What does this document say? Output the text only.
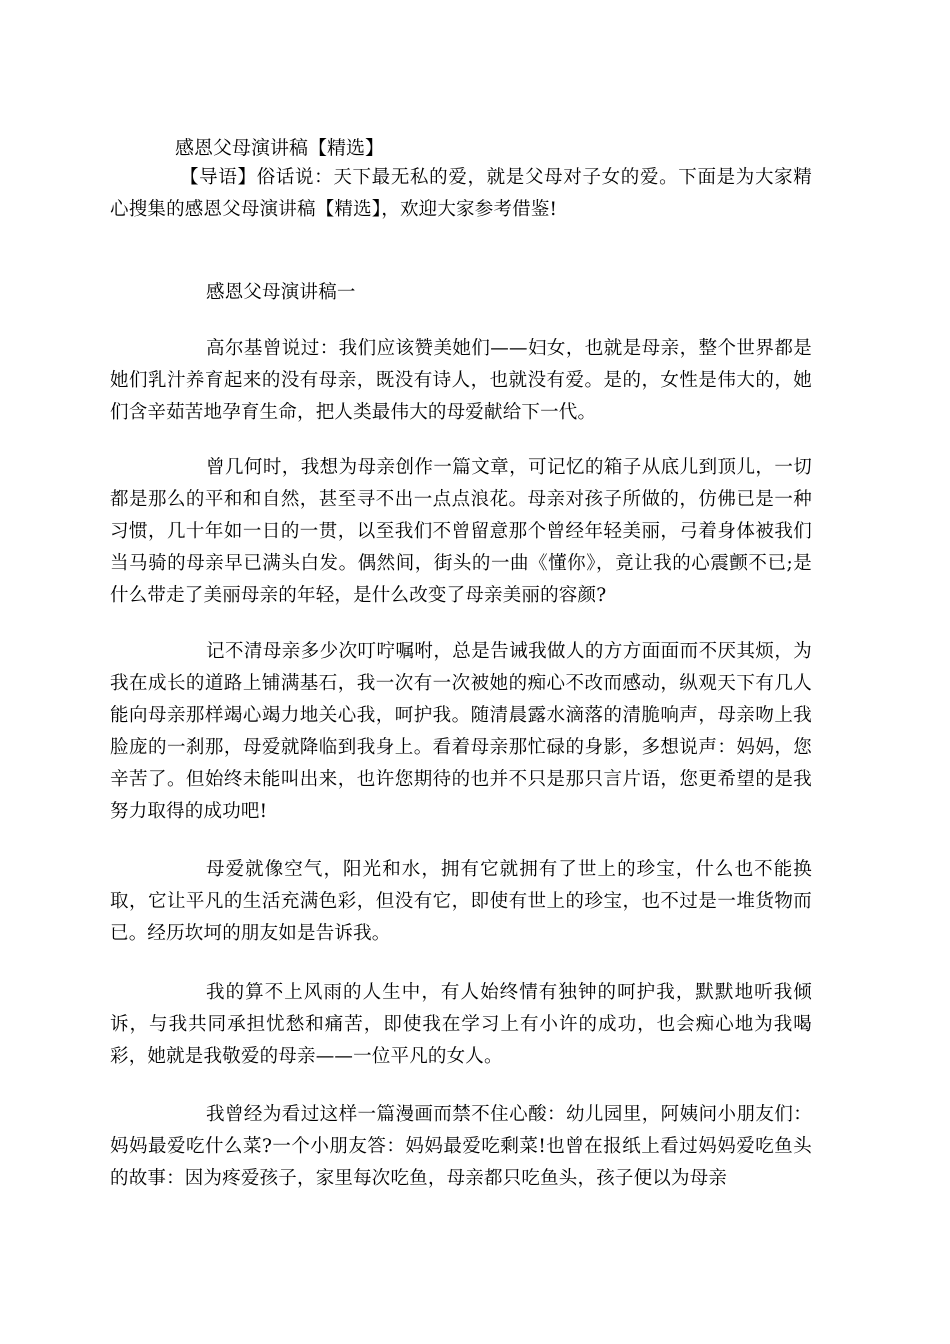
感恩父母演讲稿【精选】

【导语】俗话说：天下最无私的爱，就是父母对子女的爱。下面是为大家精心搜集的感恩父母演讲稿【精选】，欢迎大家参考借鉴!

感恩父母演讲稿一

高尔基曾说过：我们应该赞美她们——妇女，也就是母亲，整个世界都是她们乳汁养育起来的没有母亲，既没有诗人，也就没有爱。是的，女性是伟大的，她们含辛茹苦地孕育生命，把人类最伟大的母爱献给下一代。

曾几何时，我想为母亲创作一篇文章，可记忆的箱子从底儿到顶儿，一切都是那么的平和和自然，甚至寻不出一点点浪花。母亲对孩子所做的，仿佛已是一种习惯，几十年如一日的一贯，以至我们不曾留意那个曾经年轻美丽，弓着身体被我们当马骑的母亲早已满头白发。偶然间，街头的一曲《懂你》，竟让我的心震颤不已;是什么带走了美丽母亲的年轻，是什么改变了母亲美丽的容颜?

记不清母亲多少次叮咛嘱咐，总是告诫我做人的方方面面而不厌其烦，为我在成长的道路上铺满基石，我一次有一次被她的痴心不改而感动，纵观天下有几人能向母亲那样竭心竭力地关心我，呵护我。随清晨露水滴落的清脆响声，母亲吻上我脸庞的一刹那，母爱就降临到我身上。看着母亲那忙碌的身影，多想说声：妈妈，您辛苦了。但始终未能叫出来，也许您期待的也并不只是那只言片语，您更希望的是我努力取得的成功吧!

母爱就像空气，阳光和水，拥有它就拥有了世上的珍宝，什么也不能换取，它让平凡的生活充满色彩，但没有它，即使有世上的珍宝，也不过是一堆货物而已。经历坎坷的朋友如是告诉我。

我的算不上风雨的人生中，有人始终情有独钟的呵护我，默默地听我倾诉，与我共同承担忧愁和痛苦，即使我在学习上有小许的成功，也会痴心地为我喝彩，她就是我敬爱的母亲——一位平凡的女人。

我曾经为看过这样一篇漫画而禁不住心酸：幼儿园里，阿姨问小朋友们：妈妈最爱吃什么菜?一个小朋友答：妈妈最爱吃剩菜!也曾在报纸上看过妈妈爱吃鱼头的故事：因为疼爱孩子，家里每次吃鱼，母亲都只吃鱼头，孩子便以为母亲
